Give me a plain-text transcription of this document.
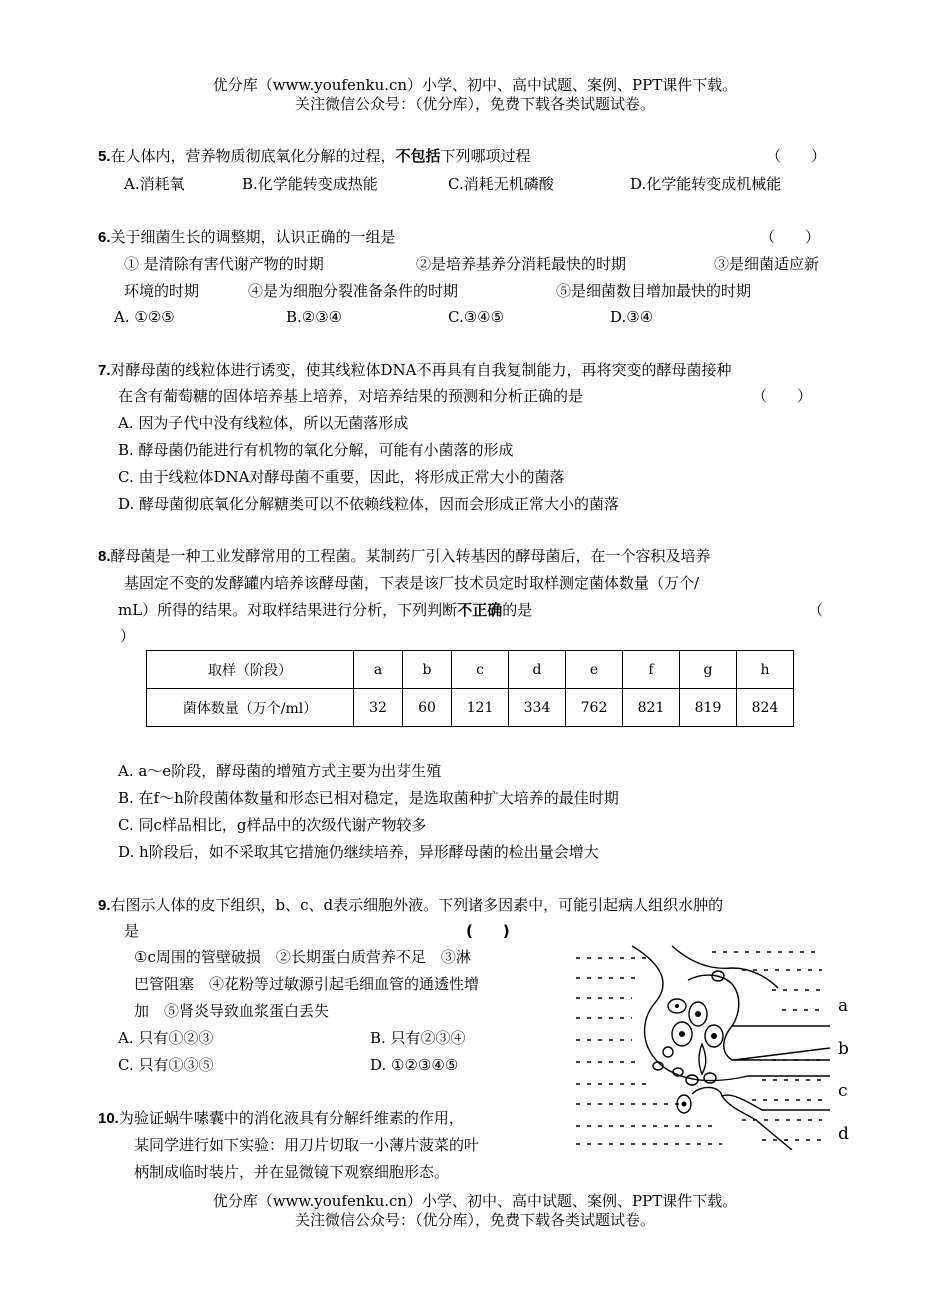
优分库（www.youfenku.cn）小学、初中、高中试题、案例、PPT课件下载。
关注微信公众号：（优分库），免费下载各类试题试卷。
5.在人体内，营养物质彻底氧化分解的过程，不包括下列哪项过程	（　　）
A.消耗氧	B.化学能转变成热能	C.消耗无机磷酸	D.化学能转变成机械能
6.关于细菌生长的调整期，认识正确的一组是	（　　）
① 是清除有害代谢产物的时期	②是培养基养分消耗最快的时期	③是细菌适应新
环境的时期	④是为细胞分裂准备条件的时期	⑤是细菌数目增加最快的时期
A. ①②⑤	B.②③④	C.③④⑤	D.③④
7.对酵母菌的线粒体进行诱变，使其线粒体DNA不再具有自我复制能力，再将突变的酵母菌接种
在含有葡萄糖的固体培养基上培养，对培养结果的预测和分析正确的是	（　　）
A. 因为子代中没有线粒体，所以无菌落形成
B. 酵母菌仍能进行有机物的氧化分解，可能有小菌落的形成
C. 由于线粒体DNA对酵母菌不重要，因此，将形成正常大小的菌落
D. 酵母菌彻底氧化分解糖类可以不依赖线粒体，因而会形成正常大小的菌落
8.酵母菌是一种工业发酵常用的工程菌。某制药厂引入转基因的酵母菌后，在一个容积及培养
基固定不变的发酵罐内培养该酵母菌，下表是该厂技术员定时取样测定菌体数量（万个/
mL）所得的结果。对取样结果进行分析，下列判断不正确的是	（
）
取样（阶段）	a	b	c	d	e	f	g	h
菌体数量（万个/ml）	32	60	121	334	762	821	819	824
A. a～e阶段，酵母菌的增殖方式主要为出芽生殖
B. 在f～h阶段菌体数量和形态已相对稳定，是选取菌种扩大培养的最佳时期
C. 同c样品相比，g样品中的次级代谢产物较多
D. h阶段后，如不采取其它措施仍继续培养，异形酵母菌的检出量会增大
9.右图示人体的皮下组织，b、c、d表示细胞外液。下列诸多因素中，可能引起病人组织水肿的
是	(　　)
①c周围的管壁破损　②长期蛋白质营养不足　③淋
巴管阻塞　④花粉等过敏源引起毛细血管的通透性增
加　⑤肾炎导致血浆蛋白丢失
A. 只有①②③	B. 只有②③④
C. 只有①③⑤	D. ①②③④⑤
a
b
c
d
10.为验证蜗牛嗉囊中的消化液具有分解纤维素的作用，
某同学进行如下实验：用刀片切取一小薄片菠菜的叶
柄制成临时装片，并在显微镜下观察细胞形态。
优分库（www.youfenku.cn）小学、初中、高中试题、案例、PPT课件下载。
关注微信公众号：（优分库），免费下载各类试题试卷。
